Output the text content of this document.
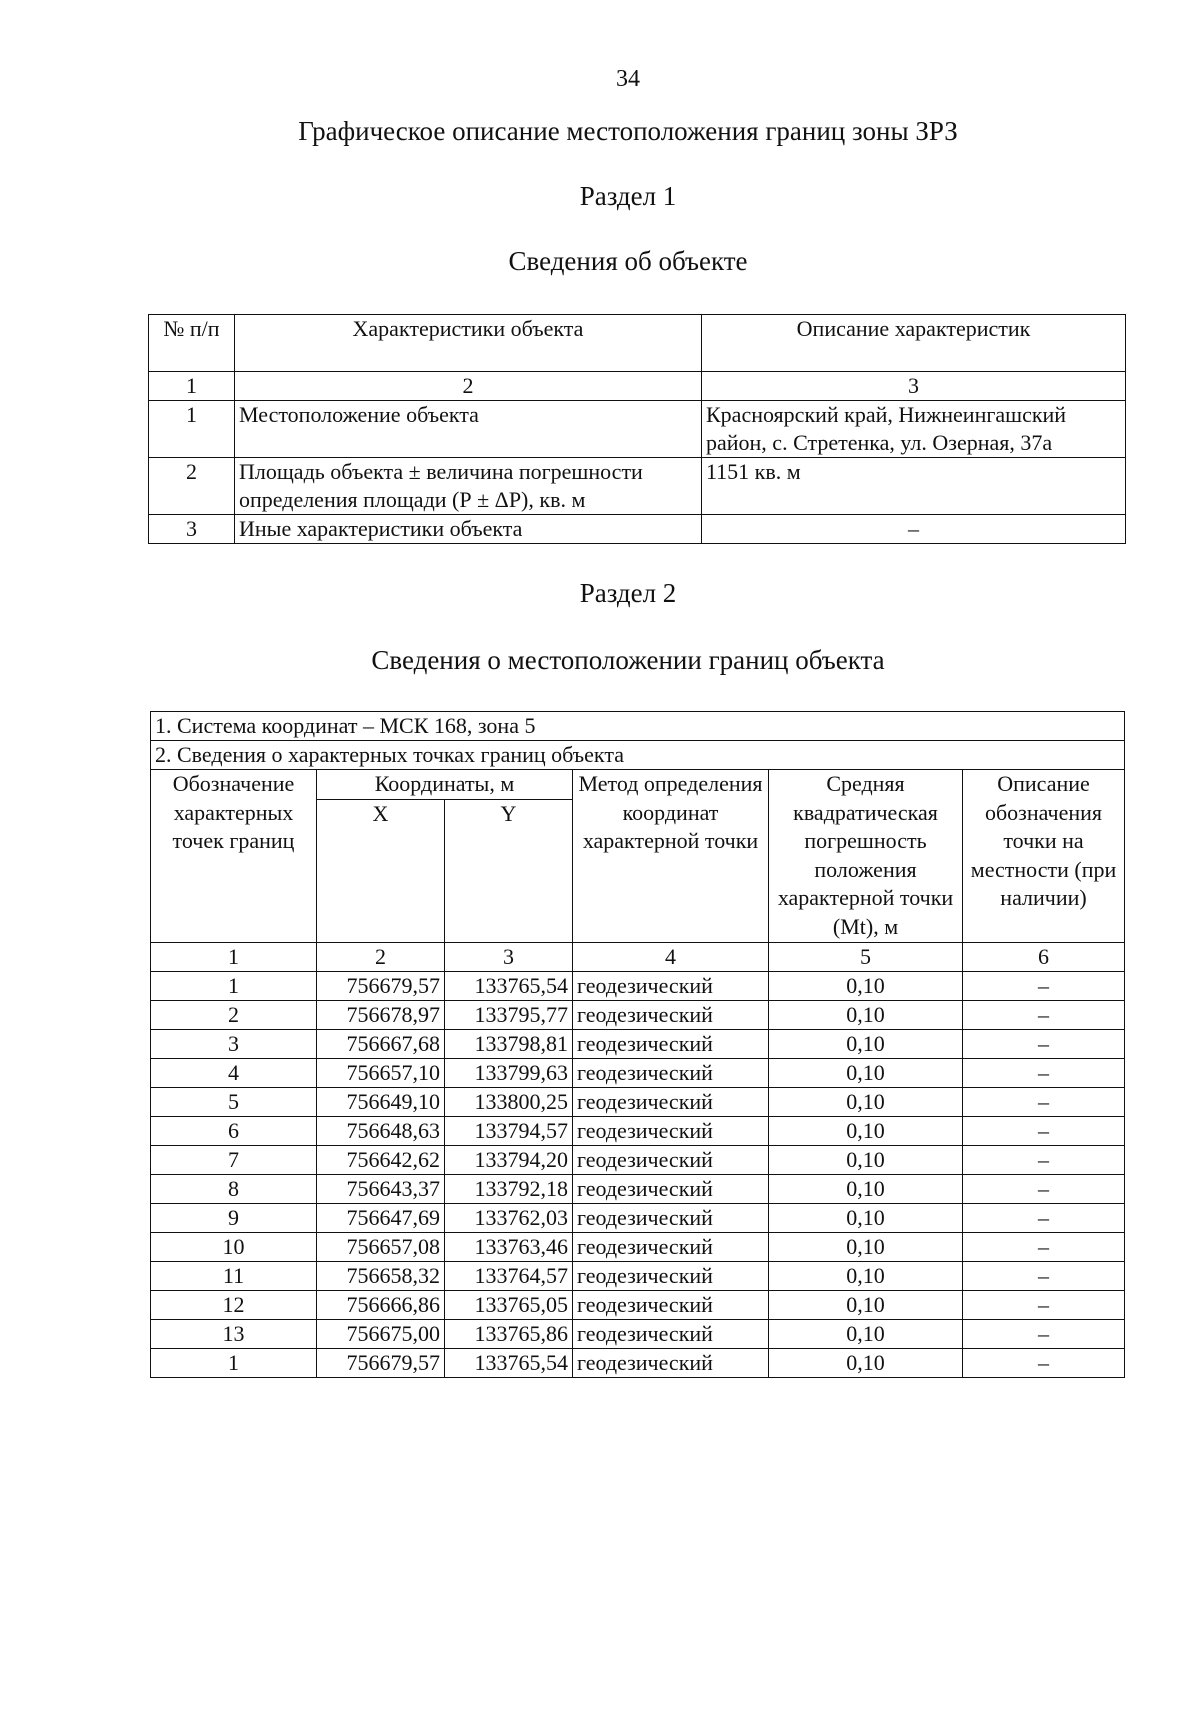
34
Графическое описание местоположения границ зоны ЗРЗ
Раздел 1
Сведения об объекте
№ п/п	Характеристики объекта	Описание характеристик
1	2	3
1	Местоположение объекта	Красноярский край, Нижнеингашский район, с. Стретенка, ул. Озерная, 37а
2	Площадь объекта ± величина погрешности определения площади (Р ± ΔР), кв. м	1151 кв. м
3	Иные характеристики объекта	–
Раздел 2
Сведения о местоположении границ объекта
1. Система координат – МСК 168, зона 5					
2. Сведения о характерных точках границ объекта					
Обозначение характерных точек границ	Координаты, м		Метод определения координат характерной точки	Средняя квадратическая погрешность положения характерной точки (Mt), м	Описание обозначения точки на местности (при наличии)
	X	Y			
1	2	3	4	5	6
1	756679,57	133765,54	геодезический	0,10	–
2	756678,97	133795,77	геодезический	0,10	–
3	756667,68	133798,81	геодезический	0,10	–
4	756657,10	133799,63	геодезический	0,10	–
5	756649,10	133800,25	геодезический	0,10	–
6	756648,63	133794,57	геодезический	0,10	–
7	756642,62	133794,20	геодезический	0,10	–
8	756643,37	133792,18	геодезический	0,10	–
9	756647,69	133762,03	геодезический	0,10	–
10	756657,08	133763,46	геодезический	0,10	–
11	756658,32	133764,57	геодезический	0,10	–
12	756666,86	133765,05	геодезический	0,10	–
13	756675,00	133765,86	геодезический	0,10	–
1	756679,57	133765,54	геодезический	0,10	–
